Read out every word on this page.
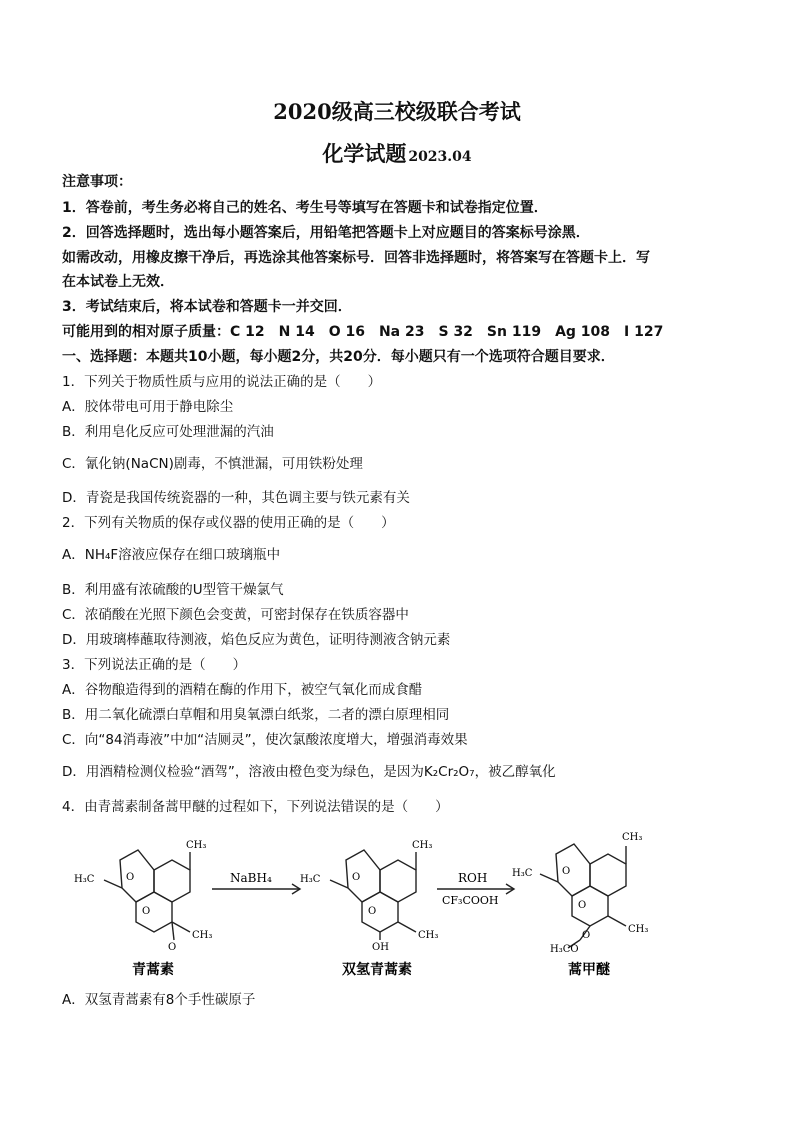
2020级高三校级联合考试
化学试题 2023.04
注意事项：
1．答卷前，考生务必将自己的姓名、考生号等填写在答题卡和试卷指定位置．
2．回答选择题时，选出每小题答案后，用铅笔把答题卡上对应题目的答案标号涂黑．
如需改动，用橡皮擦干净后，再选涂其他答案标号．回答非选择题时，将答案写在答题卡上．写
在本试卷上无效．
3．考试结束后，将本试卷和答题卡一并交回．
可能用到的相对原子质量：C 12　N 14　O 16　Na 23　S 32　Sn 119　Ag 108　I 127
一、选择题：本题共10小题，每小题2分，共20分．每小题只有一个选项符合题目要求．
1．下列关于物质性质与应用的说法正确的是（　　）
A．胶体带电可用于静电除尘
B．利用皂化反应可处理泄漏的汽油
C．氰化钠(NaCN)剧毒，不慎泄漏，可用铁粉处理
D．青瓷是我国传统瓷器的一种，其色调主要与铁元素有关
2．下列有关物质的保存或仪器的使用正确的是（　　）
A．NH₄F溶液应保存在细口玻璃瓶中
B．利用盛有浓硫酸的U型管干燥氯气
C．浓硝酸在光照下颜色会变黄，可密封保存在铁质容器中
D．用玻璃棒蘸取待测液，焰色反应为黄色，证明待测液含钠元素
3．下列说法正确的是（　　）
A．谷物酿造得到的酒精在酶的作用下，被空气氧化而成食醋
B．用二氧化硫漂白草帽和用臭氧漂白纸浆，二者的漂白原理相同
C．向“84消毒液”中加“洁厕灵”，使次氯酸浓度增大，增强消毒效果
D．用酒精检测仪检验“酒驾”，溶液由橙色变为绿色，是因为K₂Cr₂O₇，被乙醇氧化
4．由青蒿素制备蒿甲醚的过程如下，下列说法错误的是（　　）
CH₃
H₃C	O
O
CH₃
O
NaBH₄
CH₃
H₃C	O
O
CH₃
OH
ROH
CF₃COOH
CH₃
H₃C	O
O
CH₃
O
H₃CO
青蒿素	双氢青蒿素	蒿甲醚
A．双氢青蒿素有8个手性碳原子
